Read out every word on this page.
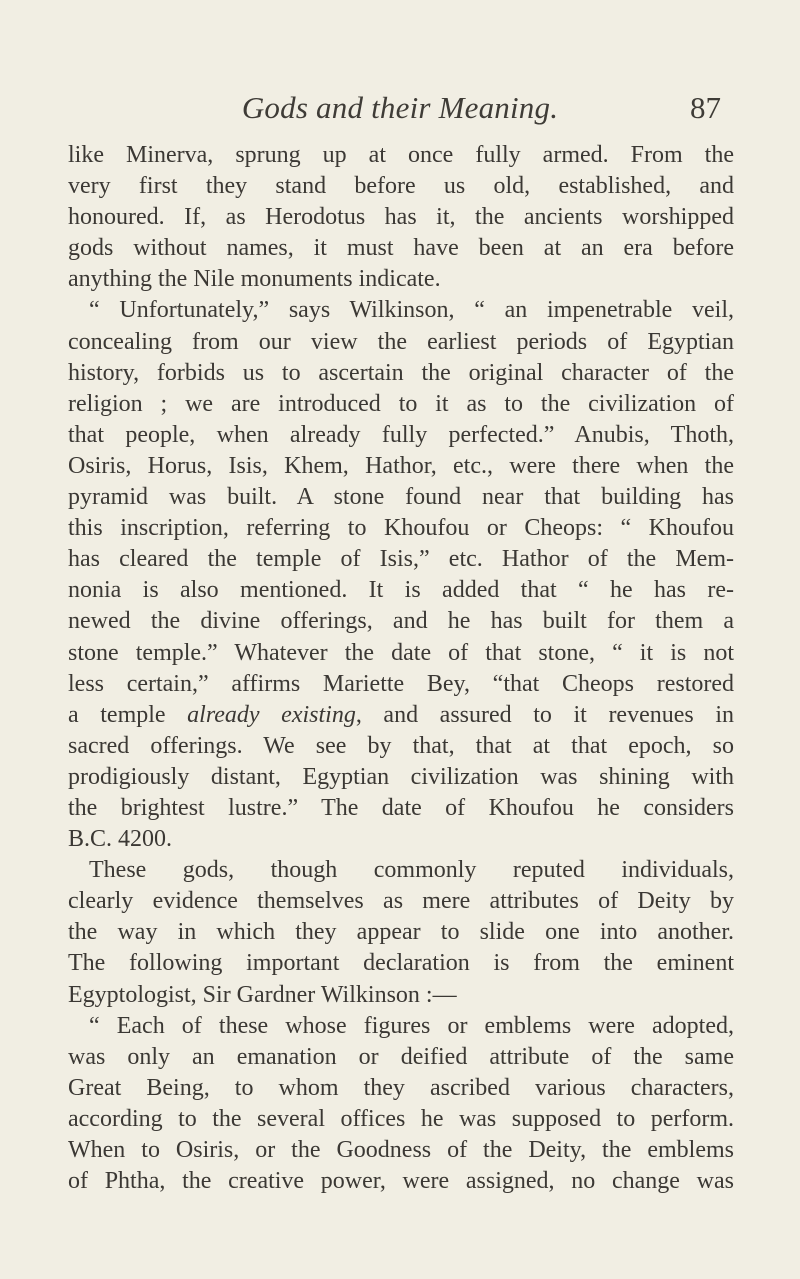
Gods and their Meaning.	87
like Minerva, sprung up at once fully armed. From the
very first they stand before us old, established, and
honoured. If, as Herodotus has it, the ancients worshipped
gods without names, it must have been at an era before
anything the Nile monuments indicate.
“ Unfortunately,” says Wilkinson, “ an impenetrable veil,
concealing from our view the earliest periods of Egyptian
history, forbids us to ascertain the original character of the
religion ; we are introduced to it as to the civilization of
that people, when already fully perfected.” Anubis, Thoth,
Osiris, Horus, Isis, Khem, Hathor, etc., were there when the
pyramid was built. A stone found near that building has
this inscription, referring to Khoufou or Cheops: “ Khoufou
has cleared the temple of Isis,” etc. Hathor of the Mem-
nonia is also mentioned. It is added that “ he has re-
newed the divine offerings, and he has built for them a
stone temple.” Whatever the date of that stone, “ it is not
less certain,” affirms Mariette Bey, “that Cheops restored
a temple already existing, and assured to it revenues in
sacred offerings. We see by that, that at that epoch, so
prodigiously distant, Egyptian civilization was shining with
the brightest lustre.” The date of Khoufou he considers
B.C. 4200.
These gods, though commonly reputed individuals,
clearly evidence themselves as mere attributes of Deity by
the way in which they appear to slide one into another.
The following important declaration is from the eminent
Egyptologist, Sir Gardner Wilkinson :—
“ Each of these whose figures or emblems were adopted,
was only an emanation or deified attribute of the same
Great Being, to whom they ascribed various characters,
according to the several offices he was supposed to perform.
When to Osiris, or the Goodness of the Deity, the emblems
of Phtha, the creative power, were assigned, no change was
